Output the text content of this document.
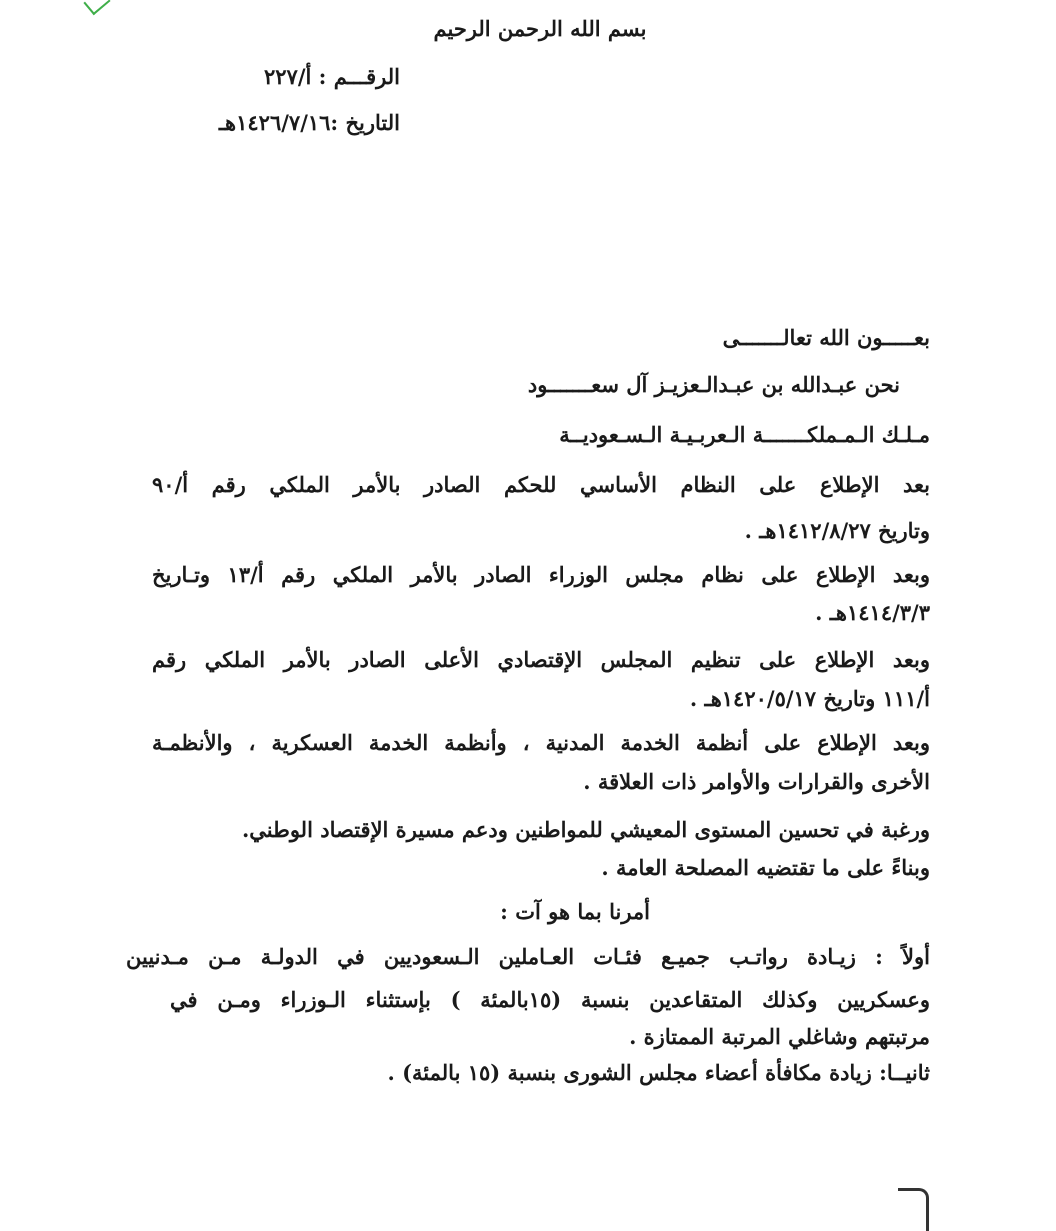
بسم الله الرحمن الرحيم
الرقـــم : أ/٢٢٧
التاريخ :١٤٢٦/٧/١٦هـ
بعـــــون الله تعالـــــــى
نحن عبـدالله بن عبـدالـعزيـز آل سعـــــــود
مـلـك الـمـملكـــــــة الـعربـيـة الـسـعوديــة
بعد الإطلاع على النظام الأساسي للحكم الصادر بالأمر الملكي رقم أ/٩٠
وتاريخ ١٤١٢/٨/٢٧هـ .
وبعد الإطلاع على نظام مجلس الوزراء الصادر بالأمر الملكي رقم أ/١٣ وتـاريخ
١٤١٤/٣/٣هـ .
وبعد الإطلاع على تنظيم المجلس الإقتصادي الأعلى الصادر بالأمر الملكي رقم
أ/١١١ وتاريخ ١٤٢٠/٥/١٧هـ .
وبعد الإطلاع على أنظمة الخدمة المدنية ، وأنظمة الخدمة العسكرية ، والأنظمـة
الأخرى والقرارات والأوامر ذات العلاقة .
ورغبة في تحسين المستوى المعيشي للمواطنين ودعم مسيرة الإقتصاد الوطني.
وبناءً على ما تقتضيه المصلحة العامة .
أمرنا بما هو آت :
أولاً : زيـادة رواتـب جميـع فئـات العـاملين الـسعوديين في الدولـة مـن مـدنيين
وعسكريين وكذلك المتقاعدين بنسبة (١٥بالمئة ) بإستثناء الـوزراء ومـن في
مرتبتهم وشاغلي المرتبة الممتازة .
ثانيــا: زيادة مكافأة أعضاء مجلس الشورى بنسبة (١٥ بالمئة) .
